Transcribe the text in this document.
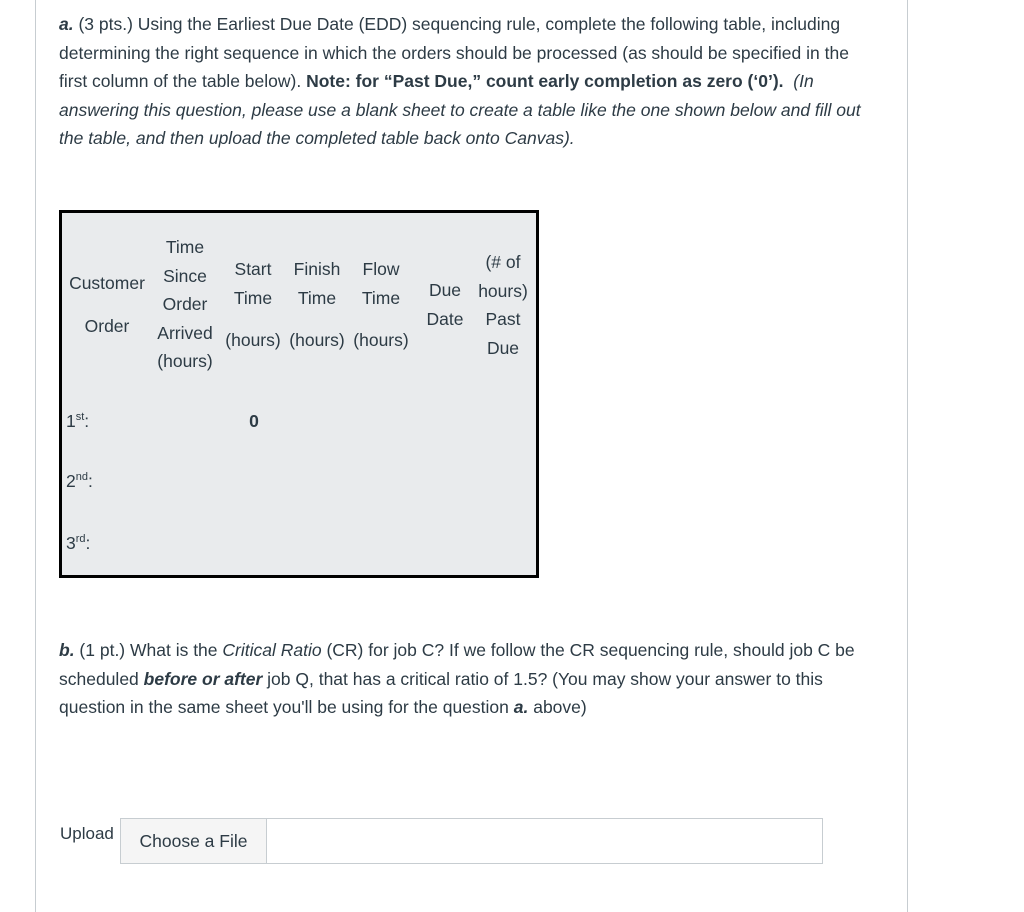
a. (3 pts.) Using the Earliest Due Date (EDD) sequencing rule, complete the following table, including determining the right sequence in which the orders should be processed (as should be specified in the first column of the table below). Note: for “Past Due,” count early completion as zero (‘0’). (In answering this question, please use a blank sheet to create a table like the one shown below and fill out the table, and then upload the completed table back onto Canvas).
Customer
Order
Time
Since
Order
Arrived
(hours)
Start
Time
(hours)
Finish
Time
(hours)
Flow
Time
(hours)
Due
Date
(# of
hours)
Past
Due
1st:
2nd:
3rd:
0
b. (1 pt.) What is the Critical Ratio (CR) for job C? If we follow the CR sequencing rule, should job C be scheduled before or after job Q, that has a critical ratio of 1.5? (You may show your answer to this question in the same sheet you'll be using for the question a. above)
Upload	Choose a File
